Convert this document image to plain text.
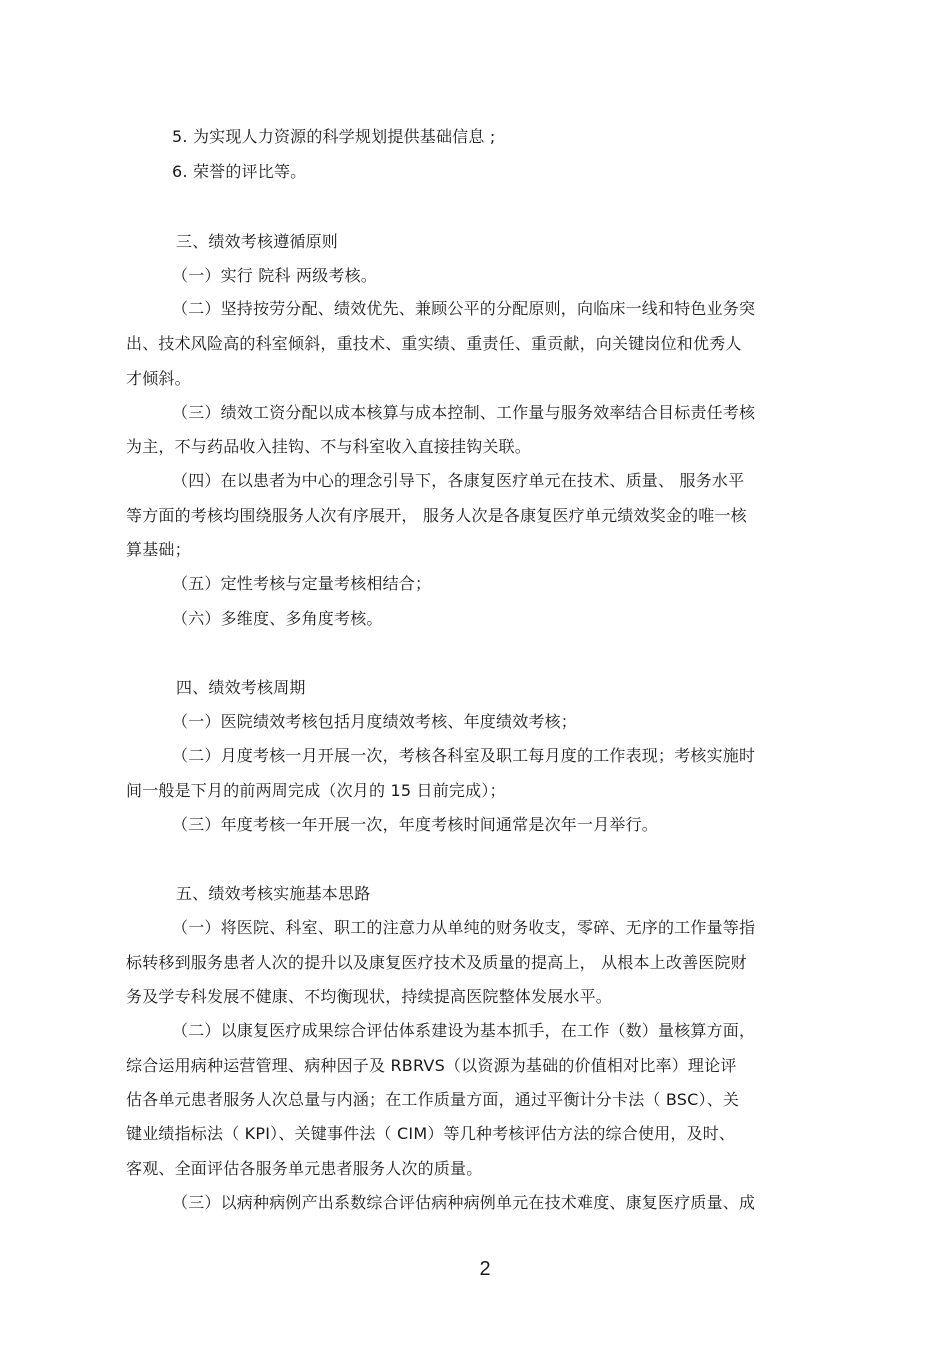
5. 为实现人力资源的科学规划提供基础信息 ;
6. 荣誉的评比等。
三、绩效考核遵循原则
（一）实行 院科 两级考核。
（二）坚持按劳分配、绩效优先、兼顾公平的分配原则，向临床一线和特色业务突
出、技术风险高的科室倾斜，重技术、重实绩、重责任、重贡献，向关键岗位和优秀人
才倾斜。
（三）绩效工资分配以成本核算与成本控制、工作量与服务效率结合目标责任考核
为主，不与药品收入挂钩、不与科室收入直接挂钩关联。
（四）在以患者为中心的理念引导下，各康复医疗单元在技术、质量、 服务水平
等方面的考核均围绕服务人次有序展开， 服务人次是各康复医疗单元绩效奖金的唯一核
算基础；
（五）定性考核与定量考核相结合；
（六）多维度、多角度考核。
四、绩效考核周期
（一）医院绩效考核包括月度绩效考核、年度绩效考核；
（二）月度考核一月开展一次，考核各科室及职工每月度的工作表现；考核实施时
间一般是下月的前两周完成（次月的 15 日前完成）；
（三）年度考核一年开展一次，年度考核时间通常是次年一月举行。
五、绩效考核实施基本思路
（一）将医院、科室、职工的注意力从单纯的财务收支，零碎、无序的工作量等指
标转移到服务患者人次的提升以及康复医疗技术及质量的提高上， 从根本上改善医院财
务及学专科发展不健康、不均衡现状，持续提高医院整体发展水平。
（二）以康复医疗成果综合评估体系建设为基本抓手，在工作（数）量核算方面，
综合运用病种运营管理、病种因子及 RBRVS（以资源为基础的价值相对比率）理论评
估各单元患者服务人次总量与内涵；在工作质量方面，通过平衡计分卡法（ BSC）、关
键业绩指标法（ KPI）、关键事件法（ CIM）等几种考核评估方法的综合使用，及时、
客观、全面评估各服务单元患者服务人次的质量。
（三）以病种病例产出系数综合评估病种病例单元在技术难度、康复医疗质量、成
2
